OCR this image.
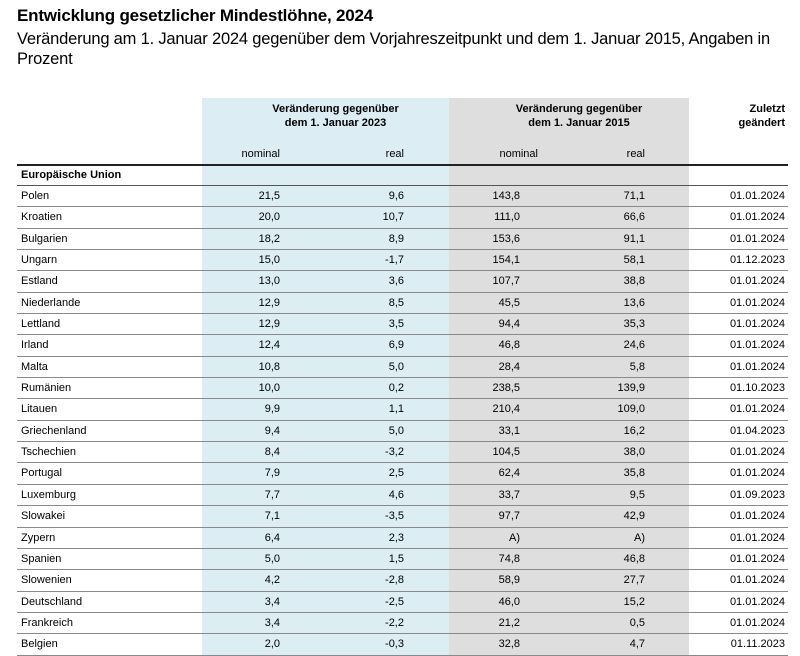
Entwicklung gesetzlicher Mindestlöhne, 2024
Veränderung am 1. Januar 2024 gegenüber dem Vorjahreszeitpunkt und dem 1. Januar 2015, Angaben in Prozent
Veränderung gegenüber
dem 1. Januar 2023
Veränderung gegenüber
dem 1. Januar 2015
Zuletzt
geändert
nominal	real	nominal	real
Europäische Union
Polen	21,5	9,6	143,8	71,1	01.01.2024
Kroatien	20,0	10,7	111,0	66,6	01.01.2024
Bulgarien	18,2	8,9	153,6	91,1	01.01.2024
Ungarn	15,0	-1,7	154,1	58,1	01.12.2023
Estland	13,0	3,6	107,7	38,8	01.01.2024
Niederlande	12,9	8,5	45,5	13,6	01.01.2024
Lettland	12,9	3,5	94,4	35,3	01.01.2024
Irland	12,4	6,9	46,8	24,6	01.01.2024
Malta	10,8	5,0	28,4	5,8	01.01.2024
Rumänien	10,0	0,2	238,5	139,9	01.10.2023
Litauen	9,9	1,1	210,4	109,0	01.01.2024
Griechenland	9,4	5,0	33,1	16,2	01.04.2023
Tschechien	8,4	-3,2	104,5	38,0	01.01.2024
Portugal	7,9	2,5	62,4	35,8	01.01.2024
Luxemburg	7,7	4,6	33,7	9,5	01.09.2023
Slowakei	7,1	-3,5	97,7	42,9	01.01.2024
Zypern	6,4	2,3	A)	A)	01.01.2024
Spanien	5,0	1,5	74,8	46,8	01.01.2024
Slowenien	4,2	-2,8	58,9	27,7	01.01.2024
Deutschland	3,4	-2,5	46,0	15,2	01.01.2024
Frankreich	3,4	-2,2	21,2	0,5	01.01.2024
Belgien	2,0	-0,3	32,8	4,7	01.11.2023
